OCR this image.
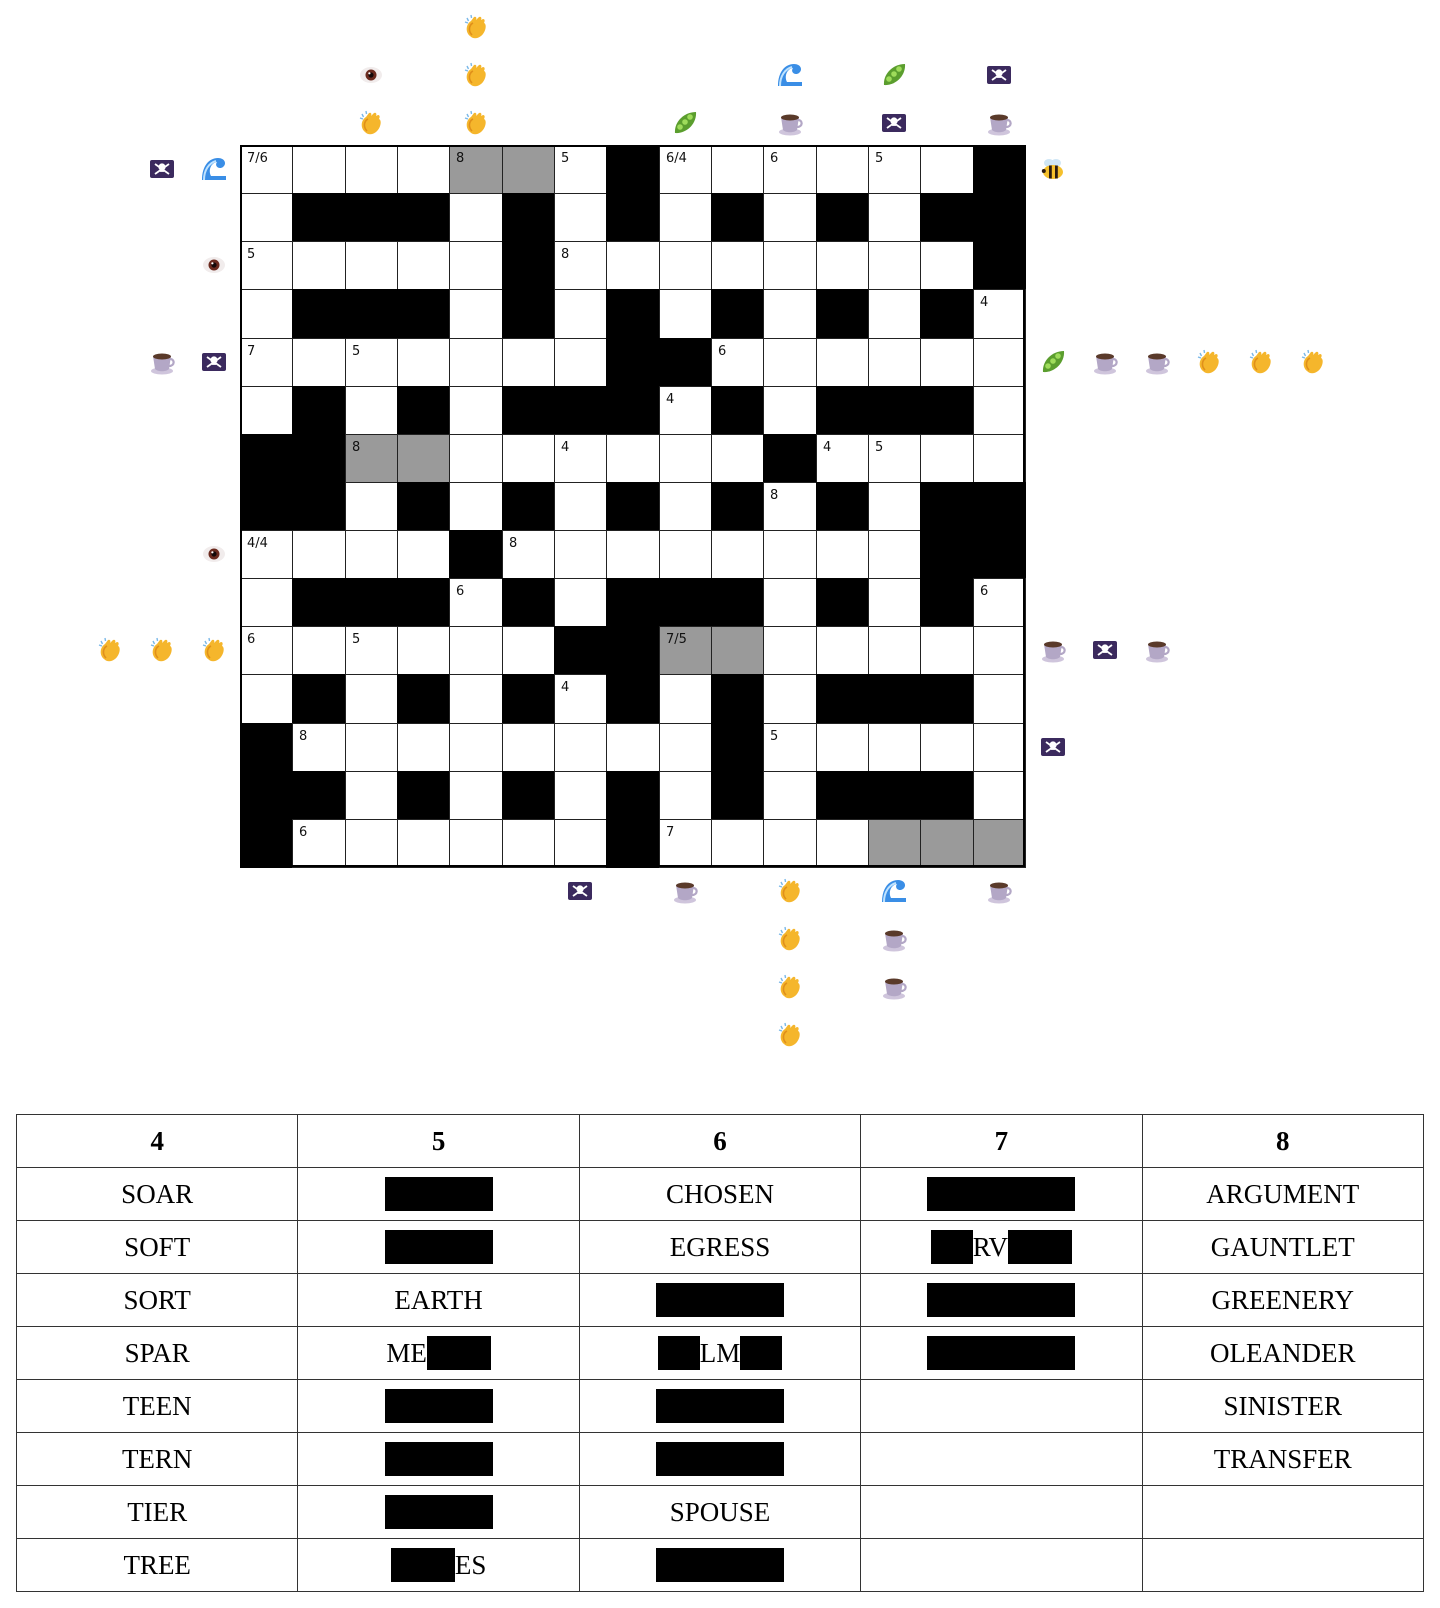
7/6	8	5	6/4	6	5
5	8
4
7	5	6
4
8	4	4	5
8
4/4	8
6	6
6	5	7/5
4
8	5
6	7
4	5	6	7	8

SOAR		CHOSEN		ARGUMENT

SOFT		EGRESS	RV	GAUNTLET

SORT	EARTH			GREENERY

SPAR	ME	LM		OLEANDER

TEEN				SINISTER

TERN				TRANSFER

TIER		SPOUSE		

TREE	ES			
